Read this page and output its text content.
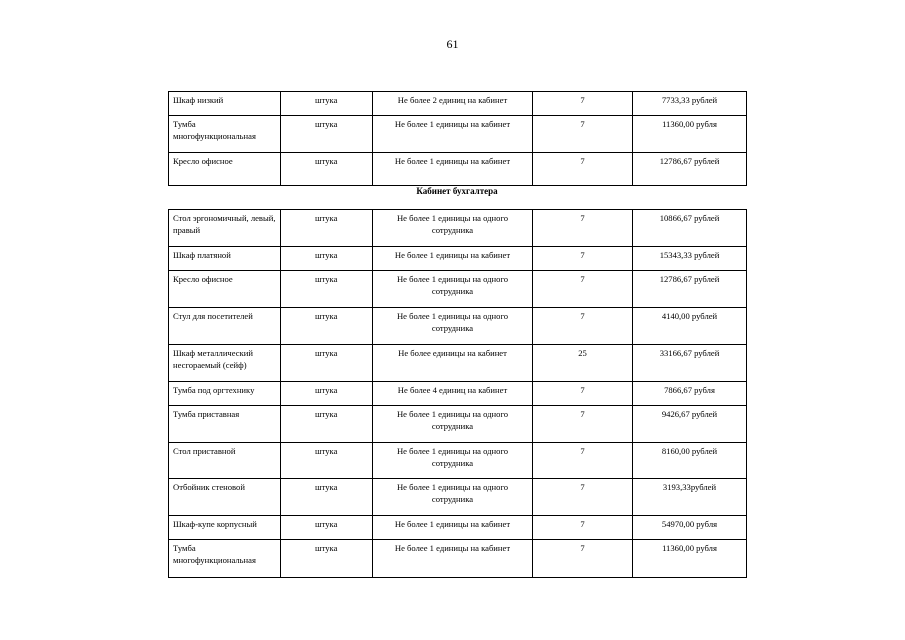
61
Шкаф низкий	штука	Не более 2 единиц на кабинет	7	7733,33 рублей
Тумба многофункциональная	штука	Не более 1 единицы на кабинет	7	11360,00 рубля
Кресло офисное	штука	Не более 1 единицы на кабинет	7	12786,67 рублей
Кабинет бухгалтера
Стол эргономичный, левый, правый	штука	Не более 1 единицы на одного сотрудника	7	10866,67 рублей
Шкаф платяной	штука	Не более 1 единицы на кабинет	7	15343,33 рублей
Кресло офисное	штука	Не более 1 единицы на одного сотрудника	7	12786,67 рублей
Стул для посетителей	штука	Не более 1 единицы на одного сотрудника	7	4140,00 рублей
Шкаф металлический несгораемый (сейф)	штука	Не более единицы на кабинет	25	33166,67 рублей
Тумба под оргтехнику	штука	Не более 4 единиц на кабинет	7	7866,67 рубля
Тумба приставная	штука	Не более 1 единицы на одного сотрудника	7	9426,67 рублей
Стол приставной	штука	Не более 1 единицы на одного сотрудника	7	8160,00 рублей
Отбойник стеновой	штука	Не более 1 единицы на одного сотрудника	7	3193,33рублей
Шкаф-купе корпусный	штука	Не более 1 единицы на кабинет	7	54970,00 рубля
Тумба многофункциональная	штука	Не более 1 единицы на кабинет	7	11360,00 рубля
